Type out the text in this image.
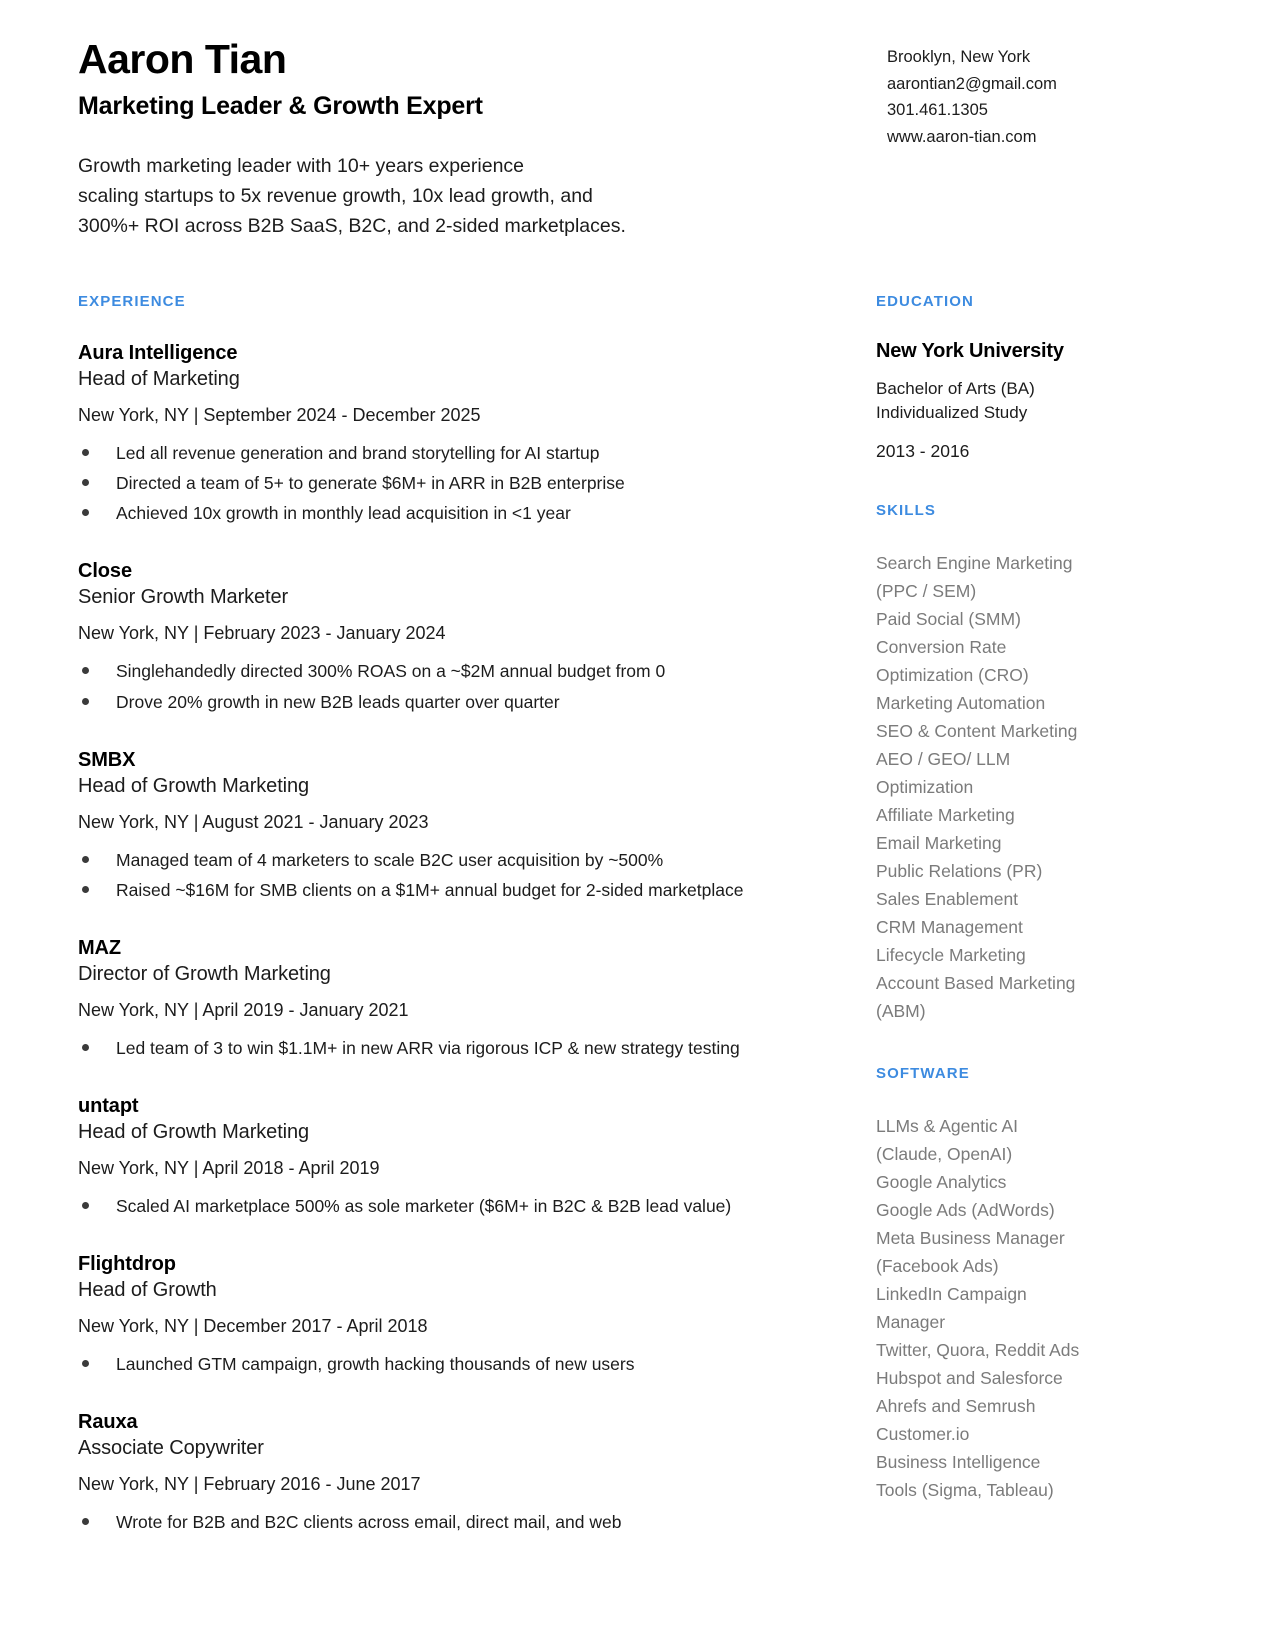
Aaron Tian
Marketing Leader & Growth Expert
Growth marketing leader with 10+ years experience
scaling startups to 5x revenue growth, 10x lead growth, and
300%+ ROI across B2B SaaS, B2C, and 2-sided marketplaces.
Brooklyn, New York
aarontian2@gmail.com
301.461.1305
www.aaron-tian.com
EXPERIENCE
Aura Intelligence
Head of Marketing
New York, NY | September 2024 - December 2025
Led all revenue generation and brand storytelling for AI startup
Directed a team of 5+ to generate $6M+ in ARR in B2B enterprise
Achieved 10x growth in monthly lead acquisition in <1 year
Close
Senior Growth Marketer
New York, NY | February 2023 - January 2024
Singlehandedly directed 300% ROAS on a ~$2M annual budget from 0
Drove 20% growth in new B2B leads quarter over quarter
SMBX
Head of Growth Marketing
New York, NY | August 2021 - January 2023
Managed team of 4 marketers to scale B2C user acquisition by ~500%
Raised ~$16M for SMB clients on a $1M+ annual budget for 2-sided marketplace
MAZ
Director of Growth Marketing
New York, NY | April 2019 - January 2021
Led team of 3 to win $1.1M+ in new ARR via rigorous ICP & new strategy testing
untapt
Head of Growth Marketing
New York, NY | April 2018 - April 2019
Scaled AI marketplace 500% as sole marketer ($6M+ in B2C & B2B lead value)
Flightdrop
Head of Growth
New York, NY | December 2017 - April 2018
Launched GTM campaign, growth hacking thousands of new users
Rauxa
Associate Copywriter
New York, NY | February 2016 - June 2017
Wrote for B2B and B2C clients across email, direct mail, and web
EDUCATION
New York University
Bachelor of Arts (BA)
Individualized Study
2013 - 2016
SKILLS
Search Engine Marketing
(PPC / SEM)
Paid Social (SMM)
Conversion Rate
Optimization (CRO)
Marketing Automation
SEO & Content Marketing
AEO / GEO/ LLM
Optimization
Affiliate Marketing
Email Marketing
Public Relations (PR)
Sales Enablement
CRM Management
Lifecycle Marketing
Account Based Marketing
(ABM)
SOFTWARE
LLMs & Agentic AI
(Claude, OpenAI)
Google Analytics
Google Ads (AdWords)
Meta Business Manager
(Facebook Ads)
LinkedIn Campaign
Manager
Twitter, Quora, Reddit Ads
Hubspot and Salesforce
Ahrefs and Semrush
Customer.io
Business Intelligence
Tools (Sigma, Tableau)
